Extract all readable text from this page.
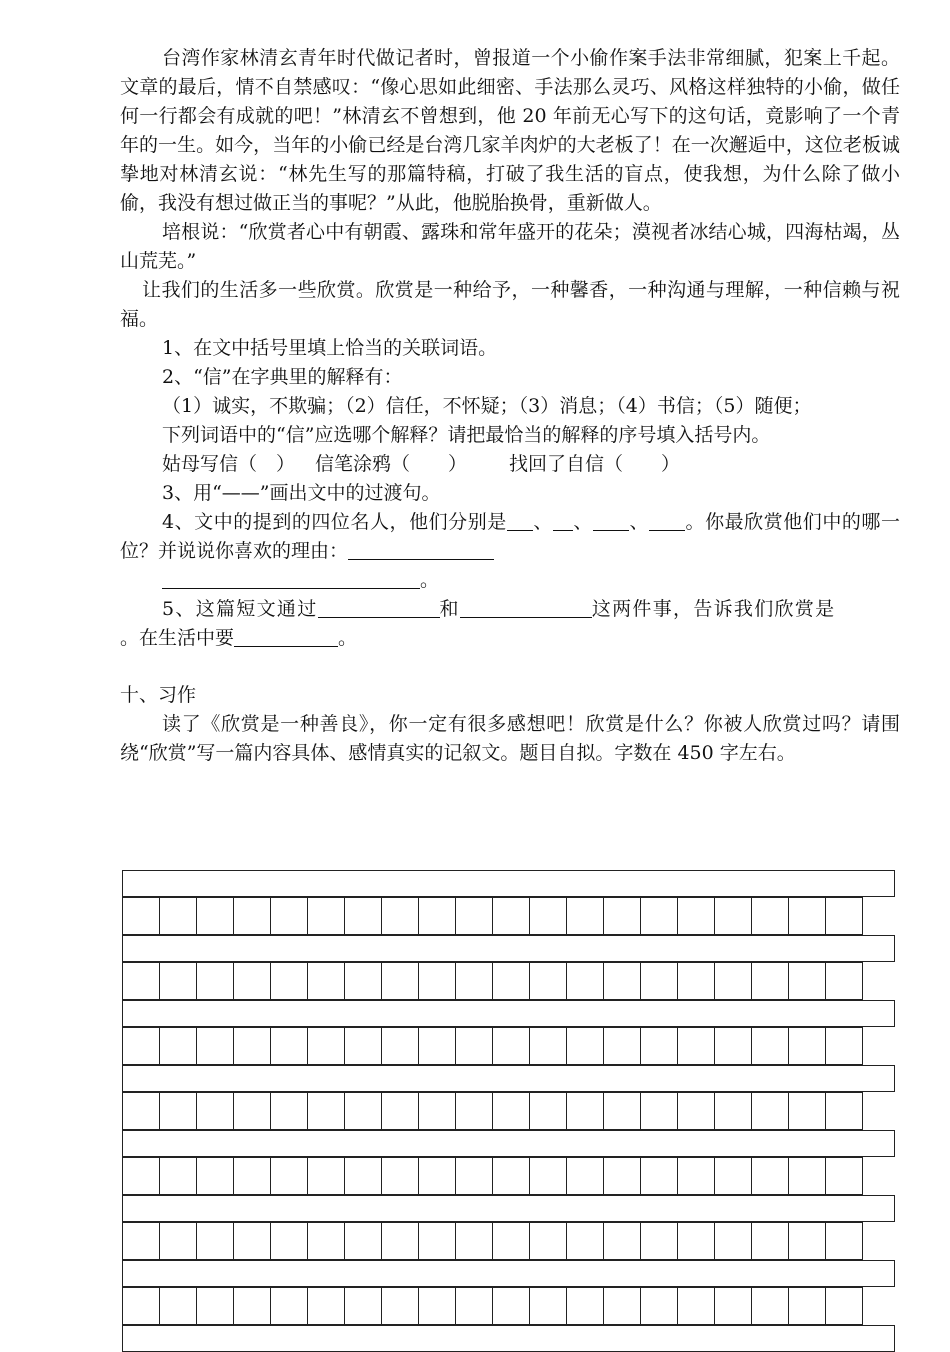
台湾作家林清玄青年时代做记者时，曾报道一个小偷作案手法非常细腻，犯案上千起。文章的最后，情不自禁感叹：“像心思如此细密、手法那么灵巧、风格这样独特的小偷，做任何一行都会有成就的吧！”林清玄不曾想到，他 20 年前无心写下的这句话，竟影响了一个青年的一生。如今，当年的小偷已经是台湾几家羊肉炉的大老板了！在一次邂逅中，这位老板诚挚地对林清玄说：“林先生写的那篇特稿，打破了我生活的盲点，使我想，为什么除了做小偷，我没有想过做正当的事呢？”从此，他脱胎换骨，重新做人。

培根说：“欣赏者心中有朝霞、露珠和常年盛开的花朵；漠视者冰结心城，四海枯竭，丛山荒芜。”

让我们的生活多一些欣赏。欣赏是一种给予，一种馨香，一种沟通与理解，一种信赖与祝福。

1、在文中括号里填上恰当的关联词语。

2、“信”在字典里的解释有：

（1）诚实，不欺骗；（2）信任，不怀疑；（3）消息；（4）书信；（5）随便；

下列词语中的“信”应选哪个解释？请把最恰当的解释的序号填入括号内。

姑母写信（　） 信笔涂鸦（　　） 找回了自信（　　）

3、用“——”画出文中的过渡句。

4、文中的提到的四位名人，他们分别是 、 、 、 。你最欣赏他们中的哪一位？并说说你喜欢的理由：

。

5、这篇短文通过	和	这两件事，告诉我们欣赏是

。在生活中要	。

十、习作

读了《欣赏是一种善良》，你一定有很多感想吧！欣赏是什么？你被人欣赏过吗？请围绕“欣赏”写一篇内容具体、感情真实的记叙文。题目自拟。字数在 450 字左右。
